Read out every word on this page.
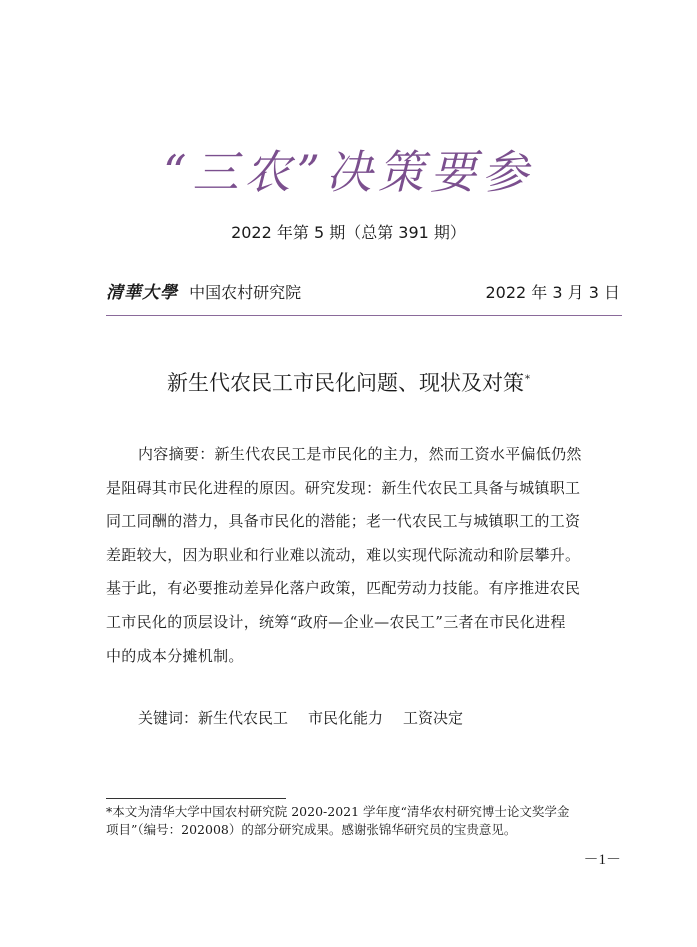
“三农”决策要参
2022 年第 5 期（总第 391 期）
清華大學 中国农村研究院	2022 年 3 月 3 日
新生代农民工市民化问题、现状及对策*
内容摘要：新生代农民工是市民化的主力，然而工资水平偏低仍然
是阻碍其市民化进程的原因。研究发现：新生代农民工具备与城镇职工
同工同酬的潜力，具备市民化的潜能；老一代农民工与城镇职工的工资
差距较大，因为职业和行业难以流动，难以实现代际流动和阶层攀升。
基于此，有必要推动差异化落户政策，匹配劳动力技能。有序推进农民
工市民化的顶层设计，统筹“政府—企业—农民工”三者在市民化进程
中的成本分摊机制。
关键词：新生代农民工 市民化能力 工资决定
*本文为清华大学中国农村研究院 2020-2021 学年度“清华农村研究博士论文奖学金
项目”（编号：202008）的部分研究成果。感谢张锦华研究员的宝贵意见。
－1－
